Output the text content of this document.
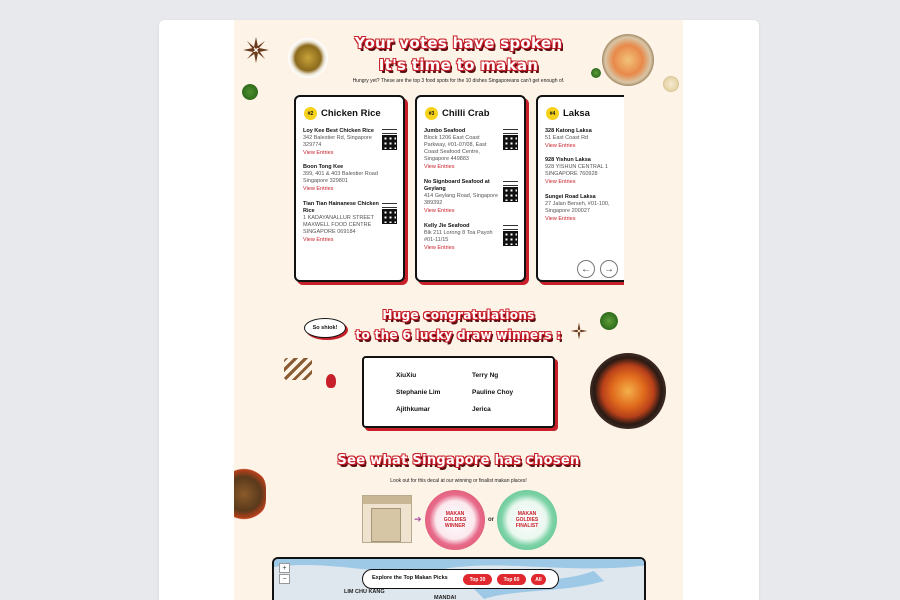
Your votes have spoken
It's time to makan
Hungry yet? These are the top 3 food spots for the 10 dishes Singaporeans can't get enough of.
#2 Chicken Rice
Loy Kee Best Chicken Rice
342 Balestier Rd, Singapore 329774
View Entries
Boon Tong Kee
399, 401 & 403 Balestier Road Singapore 329801
View Entries
Tian Tian Hainanese Chicken Rice
1 KADAYANALLUR STREET MAXWELL FOOD CENTRE SINGAPORE 069184
View Entries
#3 Chilli Crab
Jumbo Seafood
Block 1206 East Coast Parkway, #01-07/08, East Coast Seafood Centre, Singapore 449883
View Entries
No Signboard Seafood at Geylang
414 Geylang Road, Singapore 389392
View Entries
Kelly Jie Seafood
Blk 211 Lorong 8 Toa Payoh #01-11/15
View Entries
#4 Laksa
328 Katong Laksa
51 East Coast Rd
View Entries
928 Yishun Laksa
928 YISHUN CENTRAL 1 SINGAPORE 760928
View Entries
Sungei Road Laksa
27 Jalan Berseh, #01-100, Singapore 200027
View Entries
←	→
Huge congratulations
to the 6 lucky draw winners :
So shiok!
XiuXiu	Terry Ng
Stephanie Lim	Pauline Choy
Ajithkumar	Jerica
See what Singapore has chosen
Look out for this decal at our winning or finalist makan places!
➔	MAKAN GOLDIES WINNER
or
MAKAN GOLDIES FINALIST
+
−	Explore the Top Makan Picks	Top 30	Top 60	All
LIM CHU KANG
MANDAI
